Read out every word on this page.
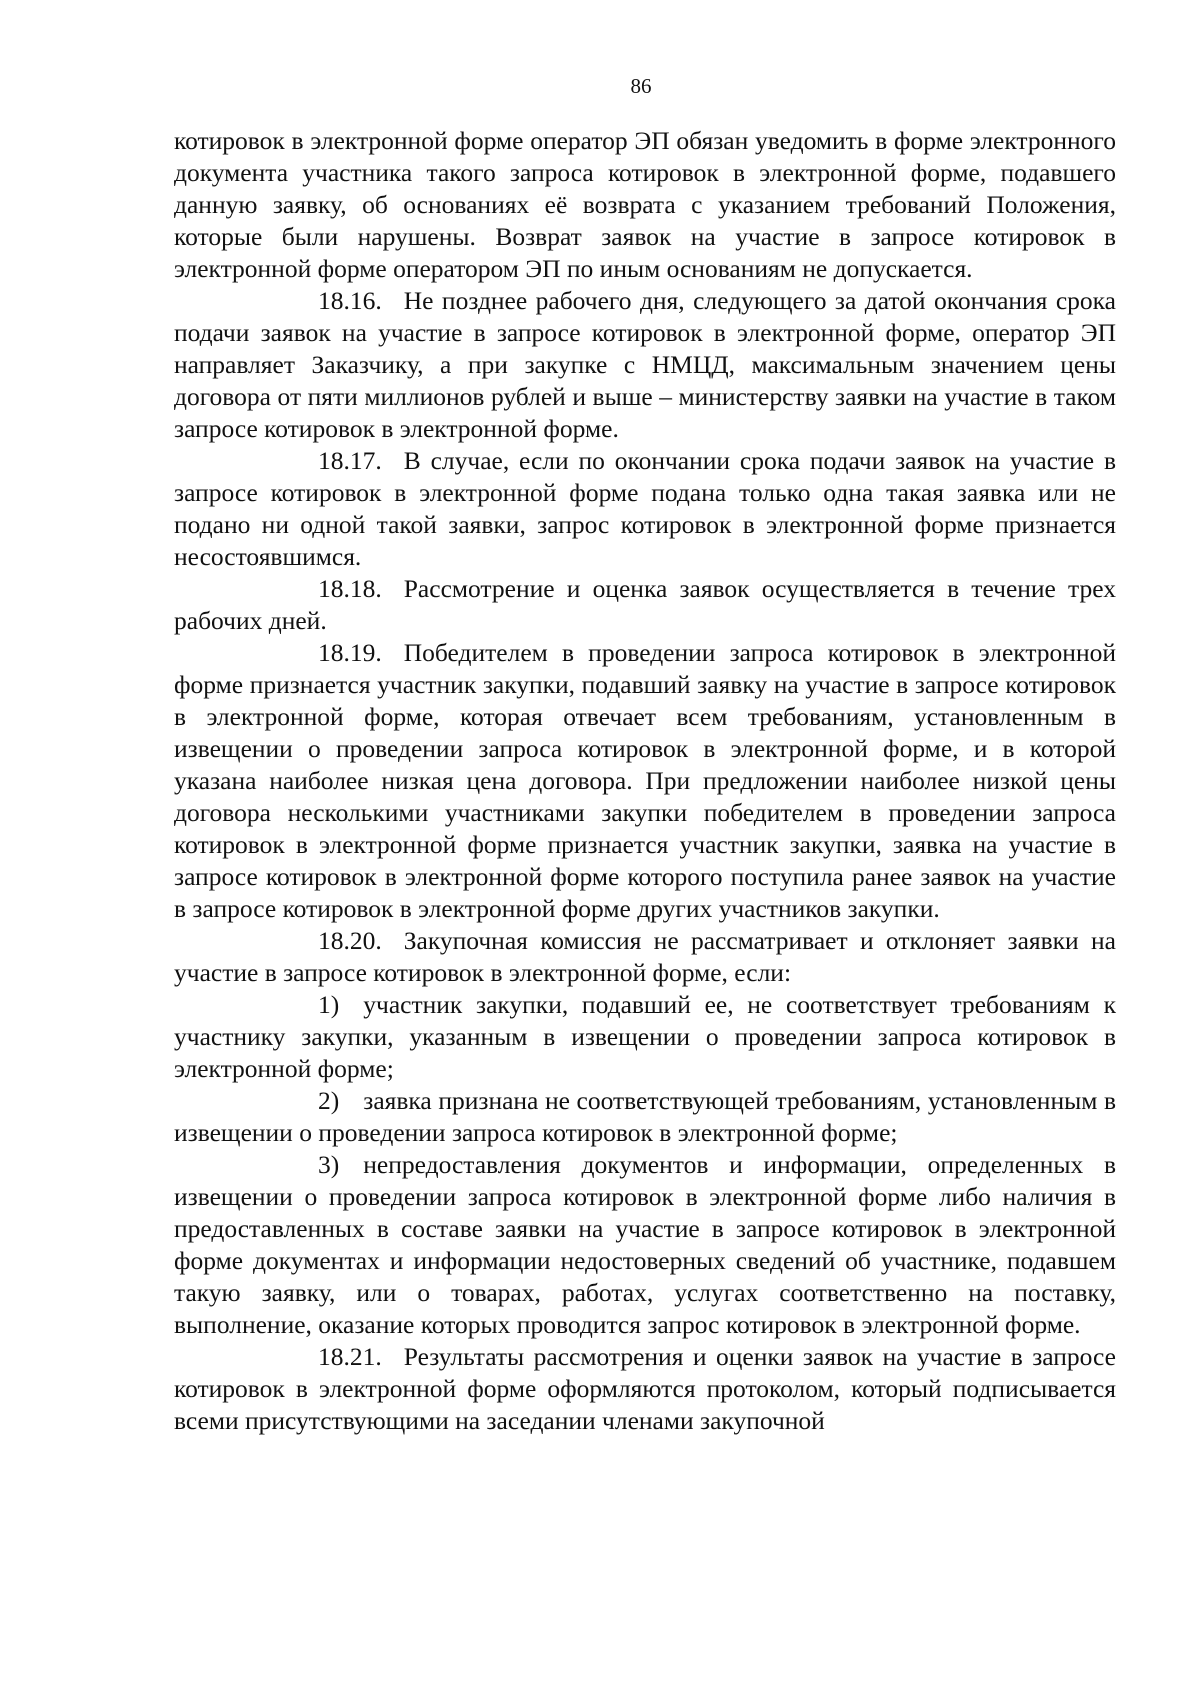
86

котировок в электронной форме оператор ЭП обязан уведомить в форме электронного документа участника такого запроса котировок в электронной форме, подавшего данную заявку, об основаниях её возврата с указанием требований Положения, которые были нарушены. Возврат заявок на участие в запросе котировок в электронной форме оператором ЭП по иным основаниям не допускается.

18.16. Не позднее рабочего дня, следующего за датой окончания срока подачи заявок на участие в запросе котировок в электронной форме, оператор ЭП направляет Заказчику, а при закупке с НМЦД, максимальным значением цены договора от пяти миллионов рублей и выше – министерству заявки на участие в таком запросе котировок в электронной форме.

18.17. В случае, если по окончании срока подачи заявок на участие в запросе котировок в электронной форме подана только одна такая заявка или не подано ни одной такой заявки, запрос котировок в электронной форме признается несостоявшимся.

18.18. Рассмотрение и оценка заявок осуществляется в течение трех рабочих дней.

18.19. Победителем в проведении запроса котировок в электронной форме признается участник закупки, подавший заявку на участие в запросе котировок в электронной форме, которая отвечает всем требованиям, установленным в извещении о проведении запроса котировок в электронной форме, и в которой указана наиболее низкая цена договора. При предложении наиболее низкой цены договора несколькими участниками закупки победителем в проведении запроса котировок в электронной форме признается участник закупки, заявка на участие в запросе котировок в электронной форме которого поступила ранее заявок на участие в запросе котировок в электронной форме других участников закупки.

18.20. Закупочная комиссия не рассматривает и отклоняет заявки на участие в запросе котировок в электронной форме, если:

1) участник закупки, подавший ее, не соответствует требованиям к участнику закупки, указанным в извещении о проведении запроса котировок в электронной форме;

2) заявка признана не соответствующей требованиям, установленным в извещении о проведении запроса котировок в электронной форме;

3) непредоставления документов и информации, определенных в извещении о проведении запроса котировок в электронной форме либо наличия в предоставленных в составе заявки на участие в запросе котировок в электронной форме документах и информации недостоверных сведений об участнике, подавшем такую заявку, или о товарах, работах, услугах соответственно на поставку, выполнение, оказание которых проводится запрос котировок в электронной форме.

18.21. Результаты рассмотрения и оценки заявок на участие в запросе котировок в электронной форме оформляются протоколом, который подписывается всеми присутствующими на заседании членами закупочной
